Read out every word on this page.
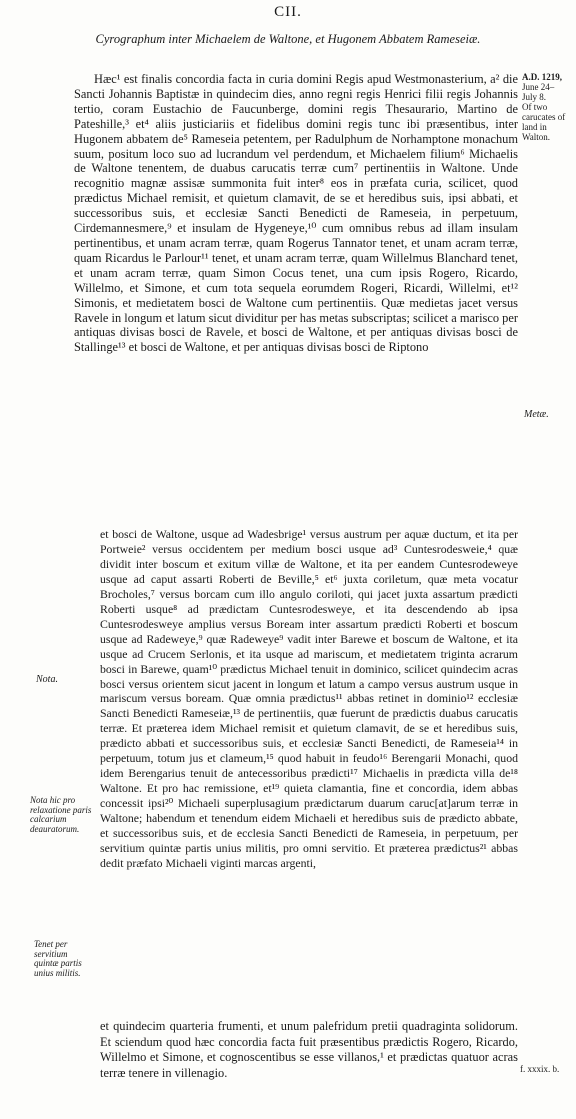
CII.
Cyrographum inter Michaelem de Waltone, et Hugonem Abbatem Rameseiæ.

Hæc¹ est finalis concordia facta in curia domini Regis apud Westmonasterium, a² die Sancti Johannis Baptistæ in quindecim dies, anno regni regis Henrici filii regis Johannis tertio, coram Eustachio de Faucunberge, domini regis Thesaurario, Martino de Pateshille,³ et⁴ aliis justiciariis et fidelibus domini regis tunc ibi præsentibus, inter Hugonem abbatem de⁵ Rameseia petentem, per Radulphum de Norhamptone monachum suum, positum loco suo ad lucrandum vel perdendum, et Michaelem filium⁶ Michaelis de Waltone tenentem, de duabus carucatis terræ cum⁷ pertinentiis in Waltone. Unde recognitio magnæ assisæ summonita fuit inter⁸ eos in præfata curia, scilicet, quod prædictus Michael remisit, et quietum clamavit, de se et heredibus suis, ipsi abbati, et successoribus suis, et ecclesiæ Sancti Benedicti de Rameseia, in perpetuum, Cirdemannesmere,⁹ et insulam de Hygeneye,¹⁰ cum omnibus rebus ad illam insulam pertinentibus, et unam acram terræ, quam Rogerus Tannator tenet, et unam acram terræ, quam Ricardus le Parlour¹¹ tenet, et unam acram terræ, quam Willelmus Blanchard tenet, et unam acram terræ, quam Simon Cocus tenet, una cum ipsis Rogero, Ricardo, Willelmo, et Simone, et cum tota sequela eorumdem Rogeri, Ricardi, Willelmi, et¹² Simonis, et medietatem bosci de Waltone cum pertinentiis. Quæ medietas jacet versus Ravele in longum et latum sicut dividitur per has metas subscriptas; scilicet a marisco per antiquas divisas bosci de Ravele, et bosci de Waltone, et per antiquas divisas bosci de Stallinge¹³ et bosci de Waltone, et per antiquas divisas bosci de Riptono

et bosci de Waltone, usque ad Wadesbrige¹ versus austrum per aquæ ductum, et ita per Portweie² versus occidentem per medium bosci usque ad³ Cuntesrodesweie,⁴ quæ dividit inter boscum et exitum villæ de Waltone, et ita per eandem Cuntesrodeweye usque ad caput assarti Roberti de Beville,⁵ et⁶ juxta coriletum, quæ meta vocatur Brocholes,⁷ versus borcam cum illo angulo coriloti, qui jacet juxta assartum prædicti Roberti usque⁸ ad prædictam Cuntesrodesweye, et ita descendendo ab ipsa Cuntesrodesweye amplius versus Boream inter assartum prædicti Roberti et boscum usque ad Radeweye,⁹ quæ Radeweye⁹ vadit inter Barewe et boscum de Waltone, et ita usque ad Crucem Serlonis, et ita usque ad mariscum, et medietatem triginta acrarum bosci in Barewe, quam¹⁰ prædictus Michael tenuit in dominico, scilicet quindecim acras bosci versus orientem sicut jacent in longum et latum a campo versus austrum usque in mariscum versus boream. Quæ omnia prædictus¹¹ abbas retinet in dominio¹² ecclesiæ Sancti Benedicti Rameseiæ,¹³ de pertinentiis, quæ fuerunt de prædictis duabus carucatis terræ. Et præterea idem Michael remisit et quietum clamavit, de se et heredibus suis, prædicto abbati et successoribus suis, et ecclesiæ Sancti Benedicti, de Rameseia¹⁴ in perpetuum, totum jus et clameum,¹⁵ quod habuit in feudo¹⁶ Berengarii Monachi, quod idem Berengarius tenuit de antecessoribus prædicti¹⁷ Michaelis in prædicta villa de¹⁸ Waltone. Et pro hac remissione, et¹⁹ quieta clamantia, fine et concordia, idem abbas concessit ipsi²⁰ Michaeli superplusagium prædictarum duarum caruc[at]arum terræ in Waltone; habendum et tenendum eidem Michaeli et heredibus suis de prædicto abbate, et successoribus suis, et de ecclesia Sancti Benedicti de Rameseia, in perpetuum, per servitium quintæ partis unius militis, pro omni servitio. Et præterea prædictus²¹ abbas dedit præfato Michaeli viginti marcas argenti,

et quindecim quarteria frumenti, et unum palefridum pretii quadraginta solidorum. Et sciendum quod hæc concordia facta fuit præsentibus prædictis Rogero, Ricardo, Willelmo et Simone, et cognoscentibus se esse villanos,¹ et prædictas quatuor acras terræ tenere in villenagio.

A.D. 1219,
June 24–
July 8.
Of two carucates of land in Walton.
Metæ.
f. xxxix. b.
Nota.
Nota hic pro relaxatione paris calcarium deauratorum.
Tenet per servitium quintæ partis unius militis.
